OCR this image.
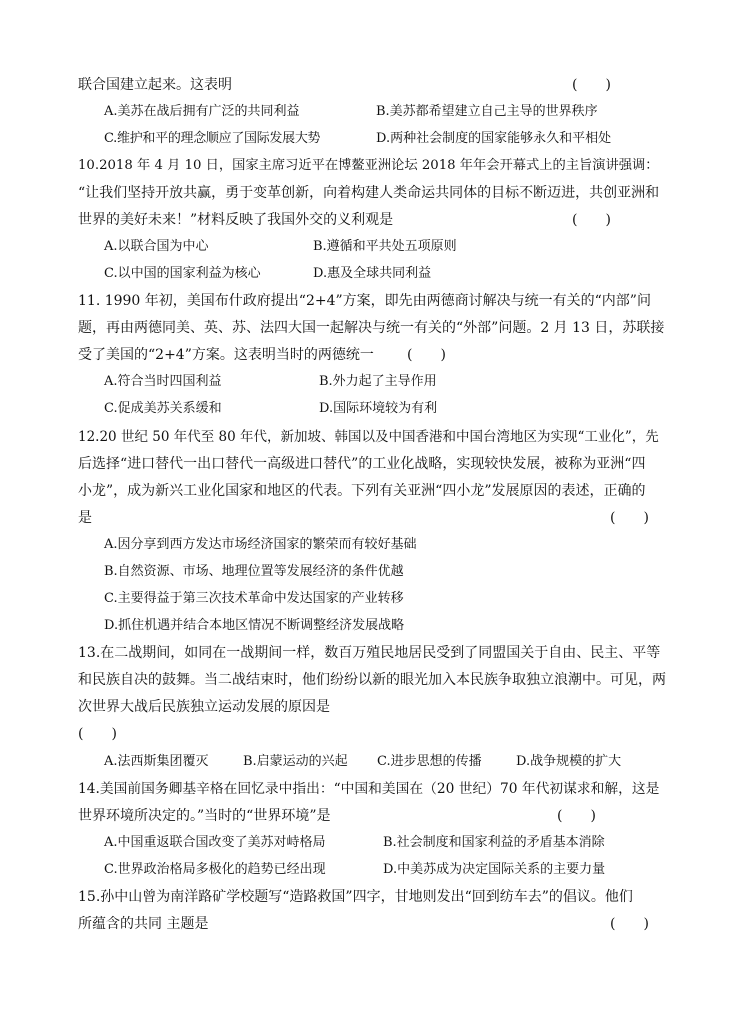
联合国建立起来。这表明	(　　)
A.美苏在战后拥有广泛的共同利益	B.美苏都希望建立自己主导的世界秩序
C.维护和平的理念顺应了国际发展大势	D.两种社会制度的国家能够永久和平相处
10.2018 年 4 月 10 日，国家主席习近平在博鳌亚洲论坛 2018 年年会开幕式上的主旨演讲强调：
“让我们坚持开放共赢，勇于变革创新，向着构建人类命运共同体的目标不断迈进，共创亚洲和
世界的美好未来！”材料反映了我国外交的义利观是	(　　)
A.以联合国为中心	B.遵循和平共处五项原则
C.以中国的国家利益为核心	D.惠及全球共同利益
11. 1990 年初，美国布什政府提出“2+4”方案，即先由两德商讨解决与统一有关的“内部”问
题，再由两德同美、英、苏、法四大国一起解决与统一有关的“外部”问题。2 月 13 日，苏联接
受了美国的“2+4”方案。这表明当时的两德统一	(　　)
A.符合当时四国利益	B.外力起了主导作用
C.促成美苏关系缓和	D.国际环境较为有利
12.20 世纪 50 年代至 80 年代，新加坡、韩国以及中国香港和中国台湾地区为实现“工业化”，先
后选择“进口替代一出口替代一高级进口替代”的工业化战略，实现较快发展，被称为亚洲“四
小龙”，成为新兴工业化国家和地区的代表。下列有关亚洲“四小龙”发展原因的表述，正确的
是	(　　)
A.因分享到西方发达市场经济国家的繁荣而有较好基础
B.自然资源、市场、地理位置等发展经济的条件优越
C.主要得益于第三次技术革命中发达国家的产业转移
D.抓住机遇并结合本地区情况不断调整经济发展战略
13.在二战期间，如同在一战期间一样，数百万殖民地居民受到了同盟国关于自由、民主、平等
和民族自决的鼓舞。当二战结束时，他们纷纷以新的眼光加入本民族争取独立浪潮中。可见，两
次世界大战后民族独立运动发展的原因是
(　　)
A.法西斯集团覆灭	B.启蒙运动的兴起 C.进步思想的传播	D.战争规模的扩大
14.美国前国务卿基辛格在回忆录中指出：“中国和美国在（20 世纪）70 年代初谋求和解，这是
世界环境所决定的。”当时的“世界环境”是	(　　)
A.中国重返联合国改变了美苏对峙格局	B.社会制度和国家利益的矛盾基本消除
C.世界政治格局多极化的趋势已经出现	D.中美苏成为决定国际关系的主要力量
15.孙中山曾为南洋路矿学校题写“造路救国”四字，甘地则发出“回到纺车去”的倡议。他们
所蕴含的共同 主题是	(　　)
